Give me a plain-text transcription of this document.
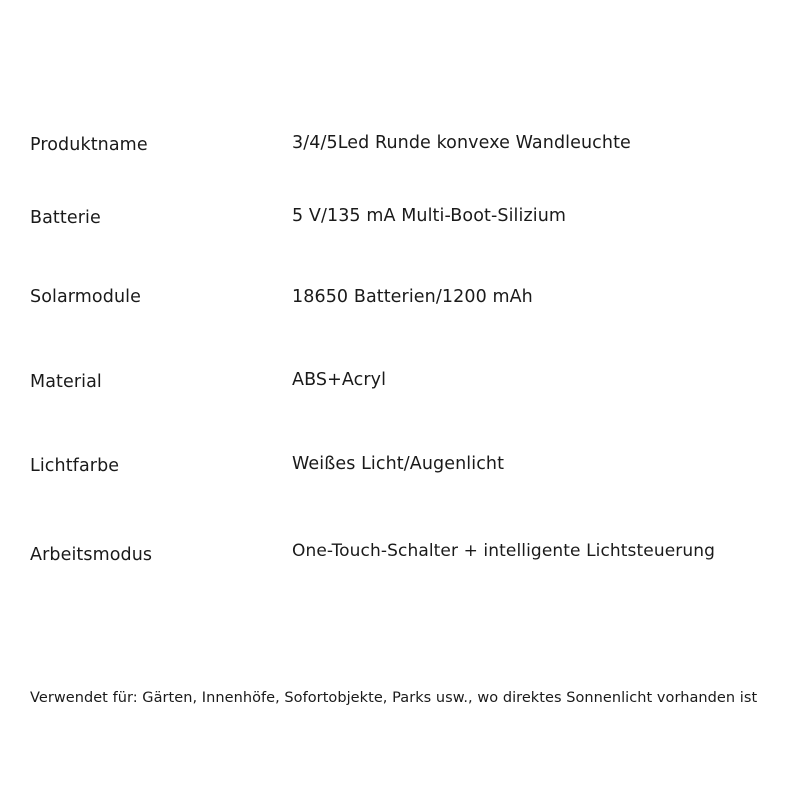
Produktname	3/4/5Led Runde konvexe Wandleuchte
Batterie	5 V/135 mA Multi-Boot-Silizium
Solarmodule	18650 Batterien/1200 mAh
Material	ABS+Acryl
Lichtfarbe	Weißes Licht/Augenlicht
Arbeitsmodus	One-Touch-Schalter + intelligente Lichtsteuerung
Verwendet für: Gärten, Innenhöfe, Sofortobjekte, Parks usw., wo direktes Sonnenlicht vorhanden ist
